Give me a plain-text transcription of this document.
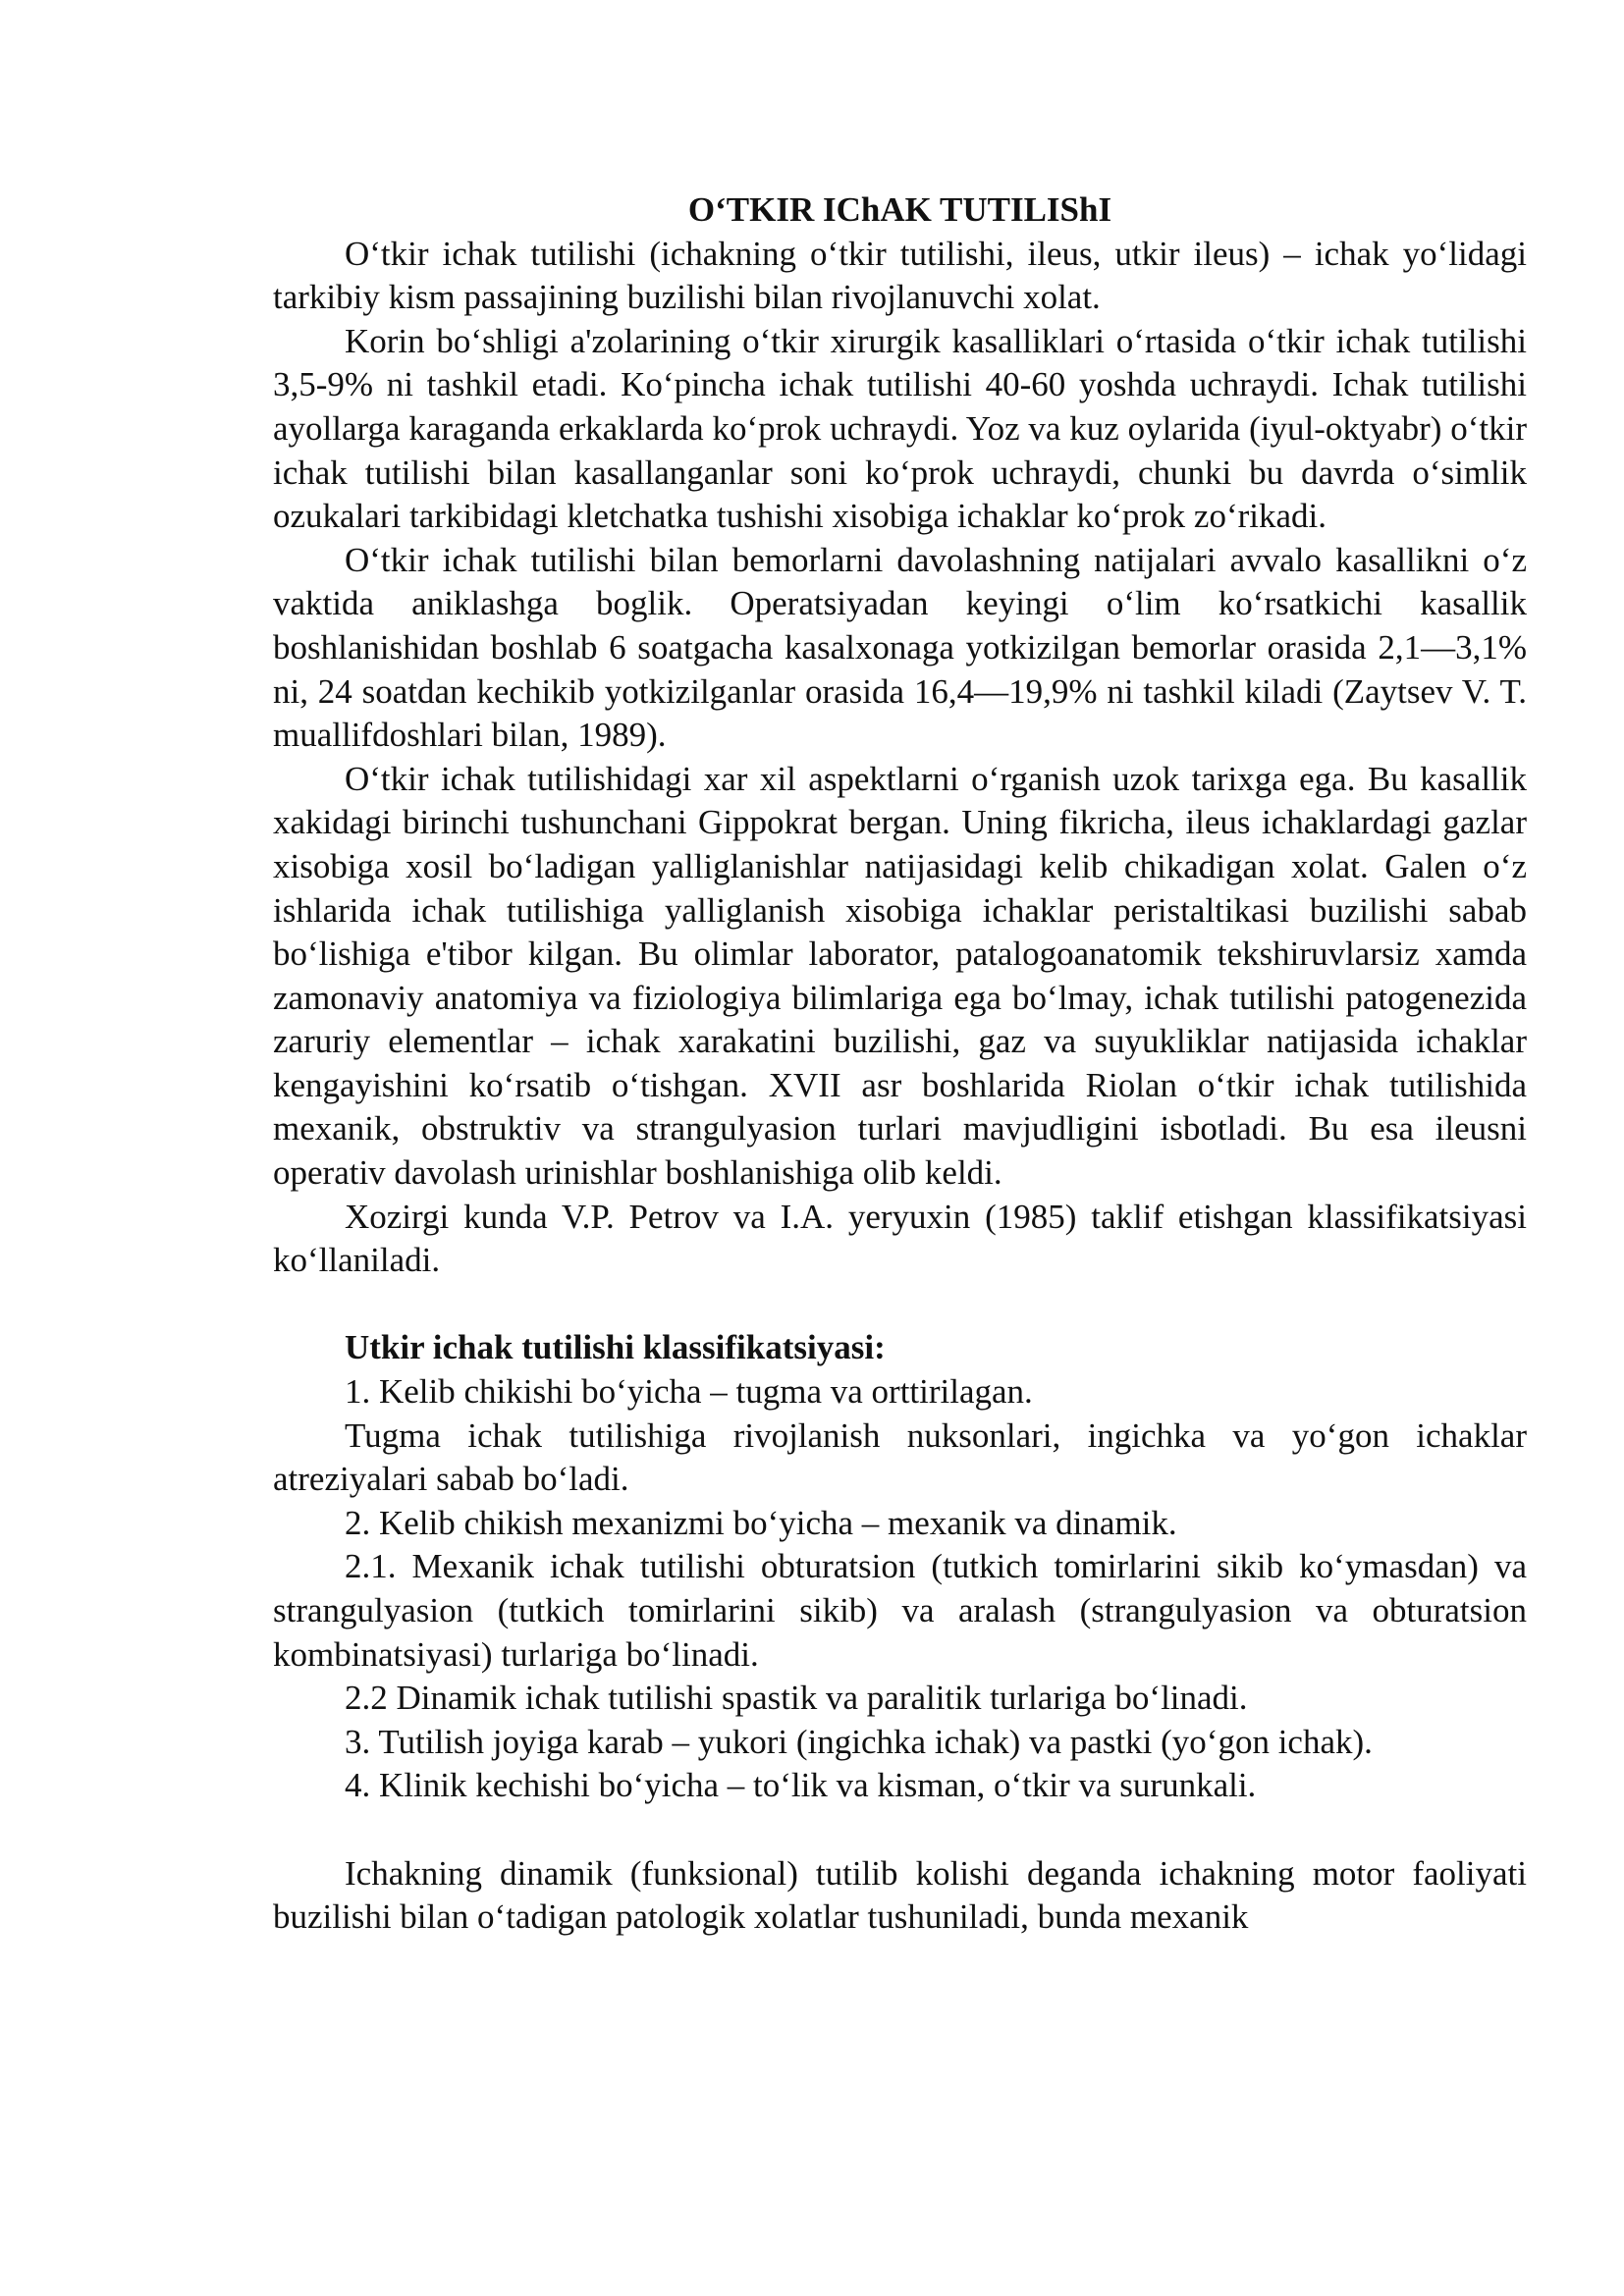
O‘TKIR IChAK TUTILIShI

O‘tkir ichak tutilishi (ichakning o‘tkir tutilishi, ileus, utkir ileus) – ichak yo‘lidagi tarkibiy kism passajining buzilishi bilan rivojlanuvchi xolat.

Korin bo‘shligi a'zolarining o‘tkir xirurgik kasalliklari o‘rtasida o‘tkir ichak tutilishi 3,5-9% ni tashkil etadi. Ko‘pincha ichak tutilishi 40-60 yoshda uchraydi. Ichak tutilishi ayollarga karaganda erkaklarda ko‘prok uchraydi. Yoz va kuz oylarida (iyul-oktyabr) o‘tkir ichak tutilishi bilan kasallanganlar soni ko‘prok uchraydi, chunki bu davrda o‘simlik ozukalari tarkibidagi kletchatka tushishi xisobiga ichaklar ko‘prok zo‘rikadi.

O‘tkir ichak tutilishi bilan bemorlarni davolashning natijalari avvalo kasallikni o‘z vaktida aniklashga boglik. Operatsiyadan keyingi o‘lim ko‘rsatkichi kasallik boshlanishidan boshlab 6 soatgacha kasalxonaga yotkizilgan bemorlar orasida 2,1—3,1% ni, 24 soatdan kechikib yotkizilganlar orasida 16,4—19,9% ni tashkil kiladi (Zaytsev V. T. muallifdoshlari bilan, 1989).

O‘tkir ichak tutilishidagi xar xil aspektlarni o‘rganish uzok tarixga ega. Bu kasallik xakidagi birinchi tushunchani Gippokrat bergan. Uning fikricha, ileus ichaklardagi gazlar xisobiga xosil bo‘ladigan yalliglanishlar natijasidagi kelib chikadigan xolat. Galen o‘z ishlarida ichak tutilishiga yalliglanish xisobiga ichaklar peristaltikasi buzilishi sabab bo‘lishiga e'tibor kilgan. Bu olimlar laborator, patalogoanatomik tekshiruvlarsiz xamda zamonaviy anatomiya va fiziologiya bilimlariga ega bo‘lmay, ichak tutilishi patogenezida zaruriy elementlar – ichak xarakatini buzilishi, gaz va suyukliklar natijasida ichaklar kengayishini ko‘rsatib o‘tishgan. XVII asr boshlarida Riolan o‘tkir ichak tutilishida mexanik, obstruktiv va strangulyasion turlari mavjudligini isbotladi. Bu esa ileusni operativ davolash urinishlar boshlanishiga olib keldi.

Xozirgi kunda V.P. Petrov va I.A. yeryuxin (1985) taklif etishgan klassifikatsiyasi ko‘llaniladi.

Utkir ichak tutilishi klassifikatsiyasi:

1. Kelib chikishi bo‘yicha – tugma va orttirilagan.

Tugma ichak tutilishiga rivojlanish nuksonlari, ingichka va yo‘gon ichaklar atreziyalari sabab bo‘ladi.

2. Kelib chikish mexanizmi bo‘yicha – mexanik va dinamik.

2.1. Mexanik ichak tutilishi obturatsion (tutkich tomirlarini sikib ko‘ymasdan) va strangulyasion (tutkich tomirlarini sikib) va aralash (strangulyasion va obturatsion kombinatsiyasi) turlariga bo‘linadi.

2.2 Dinamik ichak tutilishi spastik va paralitik turlariga bo‘linadi.

3. Tutilish joyiga karab – yukori (ingichka ichak) va pastki (yo‘gon ichak).

4. Klinik kechishi bo‘yicha – to‘lik va kisman, o‘tkir va surunkali.

Ichakning dinamik (funksional) tutilib kolishi deganda ichakning motor faoliyati buzilishi bilan o‘tadigan patologik xolatlar tushuniladi, bunda mexanik
